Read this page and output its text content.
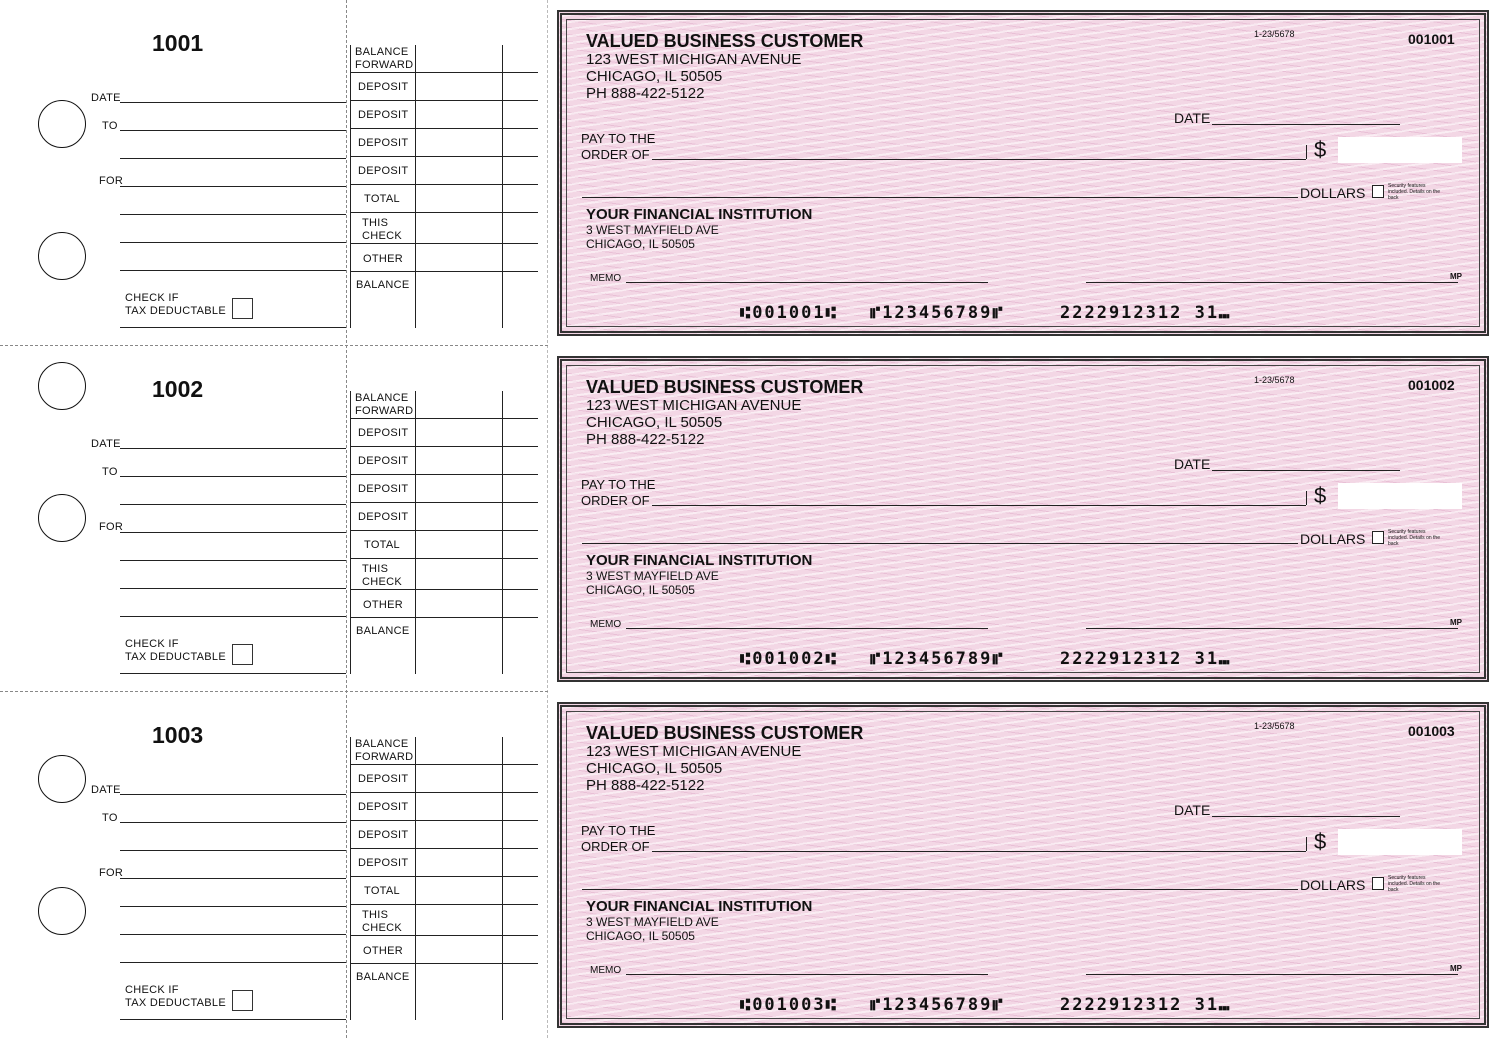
1001
DATE
TO
FOR
CHECK IF
TAX DEDUCTABLE
BALANCE
FORWARD
DEPOSIT
DEPOSIT
DEPOSIT
DEPOSIT
TOTAL
THIS
CHECK
OTHER
BALANCE
VALUED BUSINESS CUSTOMER
123 WEST MICHIGAN AVENUE
CHICAGO, IL 50505
PH 888-422-5122
1-23/5678	001001
DATE
PAY TO THE
ORDER OF	$
DOLLARS	Security features included. Details on the back
YOUR FINANCIAL INSTITUTION
3 WEST MAYFIELD AVE
CHICAGO, IL 50505
MEMO	MP
⑆001001⑆ ⑈123456789⑈	2222912312 31⑉
1002
DATE
TO
FOR
CHECK IF
TAX DEDUCTABLE
BALANCE
FORWARD
DEPOSIT
DEPOSIT
DEPOSIT
DEPOSIT
TOTAL
THIS
CHECK
OTHER
BALANCE
VALUED BUSINESS CUSTOMER
123 WEST MICHIGAN AVENUE
CHICAGO, IL 50505
PH 888-422-5122
1-23/5678	001002
DATE
PAY TO THE
ORDER OF	$
DOLLARS	Security features included. Details on the back
YOUR FINANCIAL INSTITUTION
3 WEST MAYFIELD AVE
CHICAGO, IL 50505
MEMO	MP
⑆001002⑆ ⑈123456789⑈	2222912312 31⑉
1003
DATE
TO
FOR
CHECK IF
TAX DEDUCTABLE
BALANCE
FORWARD
DEPOSIT
DEPOSIT
DEPOSIT
DEPOSIT
TOTAL
THIS
CHECK
OTHER
BALANCE
VALUED BUSINESS CUSTOMER
123 WEST MICHIGAN AVENUE
CHICAGO, IL 50505
PH 888-422-5122
1-23/5678	001003
DATE
PAY TO THE
ORDER OF	$
DOLLARS	Security features included. Details on the back
YOUR FINANCIAL INSTITUTION
3 WEST MAYFIELD AVE
CHICAGO, IL 50505
MEMO	MP
⑆001003⑆ ⑈123456789⑈	2222912312 31⑉
